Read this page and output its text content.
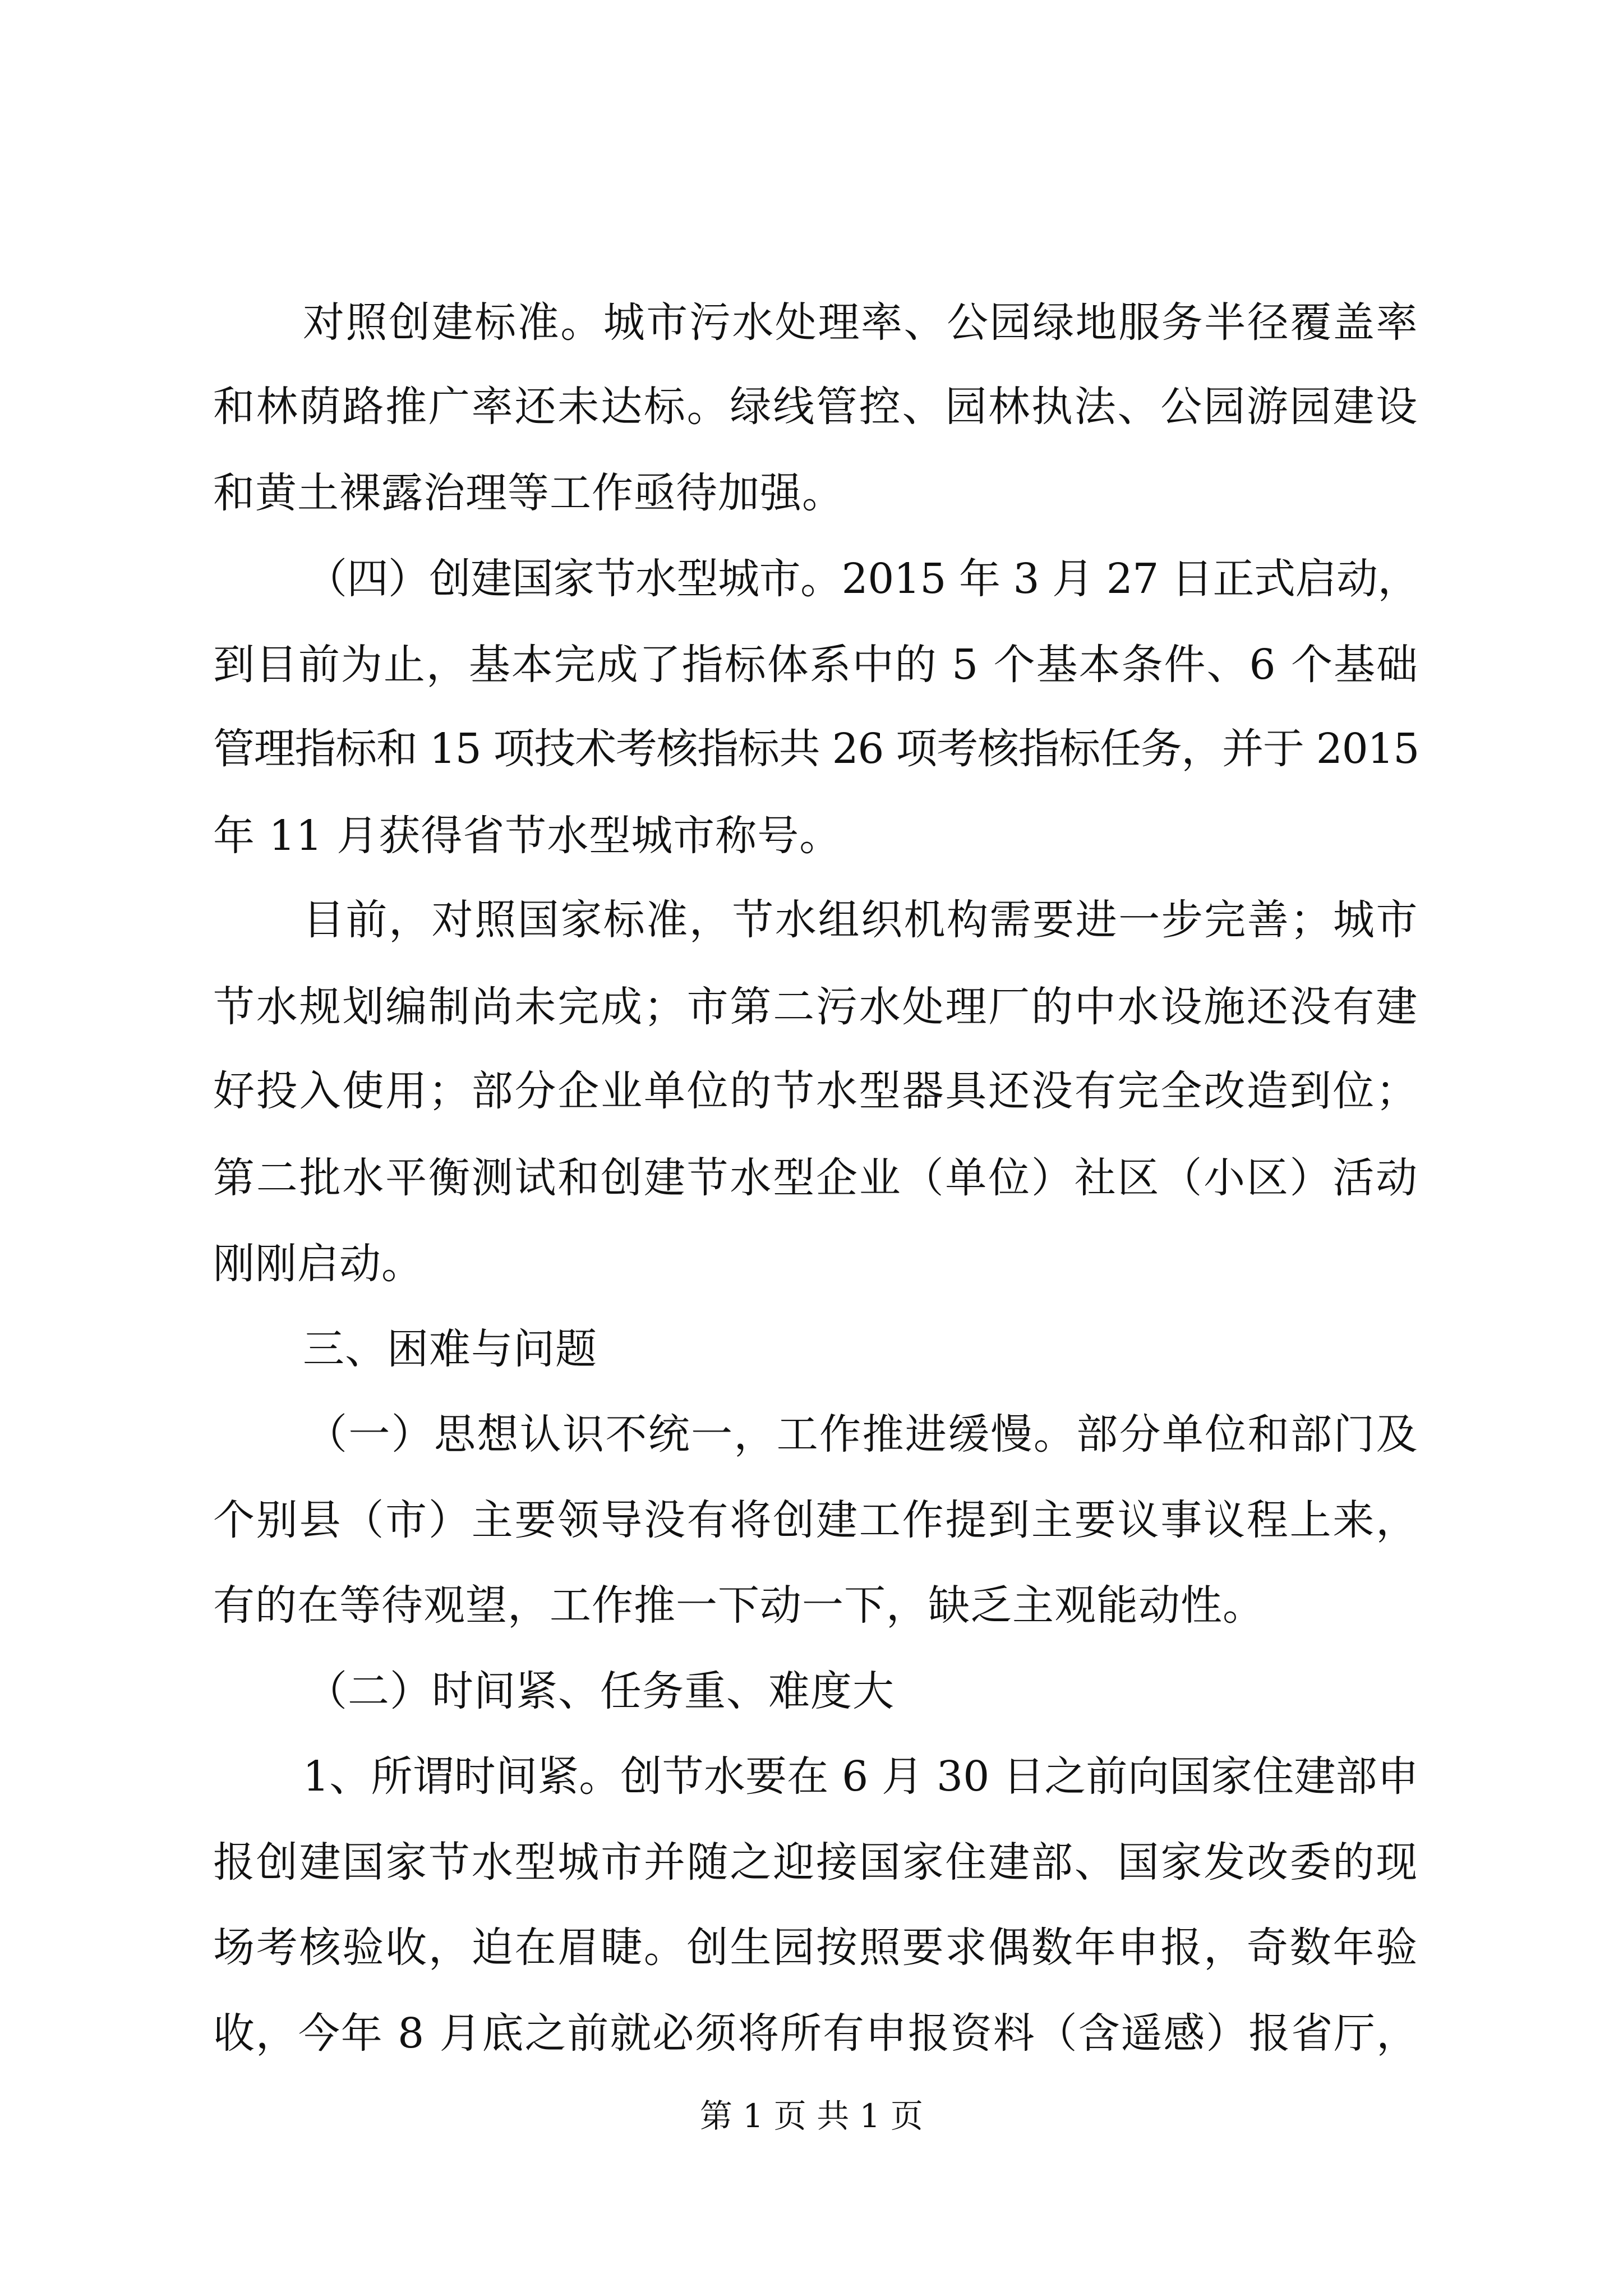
对照创建标准。城市污水处理率、公园绿地服务半径覆盖率
和林荫路推广率还未达标。绿线管控、园林执法、公园游园建设
和黄土裸露治理等工作亟待加强。
（四）创建国家节水型城市。2015 年 3 月 27 日正式启动，
到目前为止，基本完成了指标体系中的 5 个基本条件、6 个基础
管理指标和 15 项技术考核指标共 26 项考核指标任务，并于 2015
年 11 月获得省节水型城市称号。
目前，对照国家标准，节水组织机构需要进一步完善；城市
节水规划编制尚未完成；市第二污水处理厂的中水设施还没有建
好投入使用；部分企业单位的节水型器具还没有完全改造到位；
第二批水平衡测试和创建节水型企业（单位）社区（小区）活动
刚刚启动。
三、困难与问题
（一）思想认识不统一，工作推进缓慢。部分单位和部门及
个别县（市）主要领导没有将创建工作提到主要议事议程上来，
有的在等待观望，工作推一下动一下，缺乏主观能动性。
（二）时间紧、任务重、难度大
1、所谓时间紧。创节水要在 6 月 30 日之前向国家住建部申
报创建国家节水型城市并随之迎接国家住建部、国家发改委的现
场考核验收，迫在眉睫。创生园按照要求偶数年申报，奇数年验
收，今年 8 月底之前就必须将所有申报资料（含遥感）报省厅，
第 1 页 共 1 页
